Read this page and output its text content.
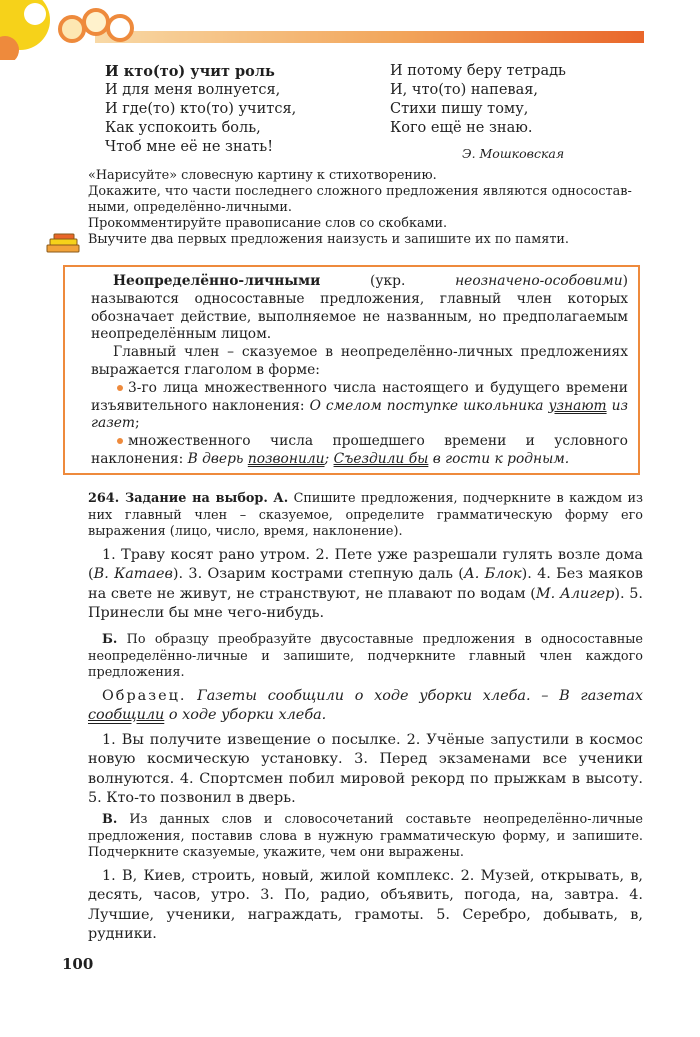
И кто(то) учит роль
И для меня волнуется,
И где(то) кто(то) учится,
Как успокоить боль,
Чтоб мне её не знать!
И потому беру тетрадь
И, что(то) напевая,
Стихи пишу тому,
Кого ещё не знаю.
Э. Мошковская
«Нарисуйте» словесную картину к стихотворению.
Докажите, что части последнего сложного предложения являются односостав-
ными, определённо-личными.
Прокомментируйте правописание слов со скобками.
Выучите два первых предложения наизусть и запишите их по памяти.

Неопределённо-личными (укр. неозначено-особовими) называются односоставные предложения, главный член которых обозначает действие, выполняемое не названным, но предполагаемым неопределённым лицом.

Главный член – сказуемое в неопределённо-личных предложениях выражается глаголом в форме:

3-го лица множественного числа настоящего и будущего времени изъявительного наклонения: О смелом поступке школьника узнают из газет;

множественного числа прошедшего времени и условного наклонения: В дверь позвонили; Съездили бы в гости к родным.

264. Задание на выбор. А. Спишите предложения, подчеркните в каждом из них главный член – сказуемое, определите грамматическую форму его выражения (лицо, число, время, наклонение).

1. Траву косят рано утром. 2. Пете уже разрешали гулять возле дома (В. Катаев). 3. Озарим кострами степную даль (А. Блок). 4. Без маяков на свете не живут, не странствуют, не плавают по водам (М. Алигер). 5. Принесли бы мне чего-нибудь.

Б. По образцу преобразуйте двусоставные предложения в односоставные неопределённо-личные и запишите, подчеркните главный член каждого предложения.

Образец. Газеты сообщили о ходе уборки хлеба. – В газетах сообщили о ходе уборки хлеба.

1. Вы получите извещение о посылке. 2. Учёные запустили в космос новую космическую установку. 3. Перед экзаменами все ученики волнуются. 4. Спортсмен побил мировой рекорд по прыжкам в высоту. 5. Кто-то позвонил в дверь.

В. Из данных слов и словосочетаний составьте неопределённо-личные предложения, поставив слова в нужную грамматическую форму, и запишите. Подчеркните сказуемые, укажите, чем они выражены.

1. В, Киев, строить, новый, жилой комплекс. 2. Музей, открывать, в, десять, часов, утро. 3. По, радио, объявить, погода, на, завтра. 4. Лучшие, ученики, награждать, грамоты. 5. Серебро, добывать, в, рудники.

100
